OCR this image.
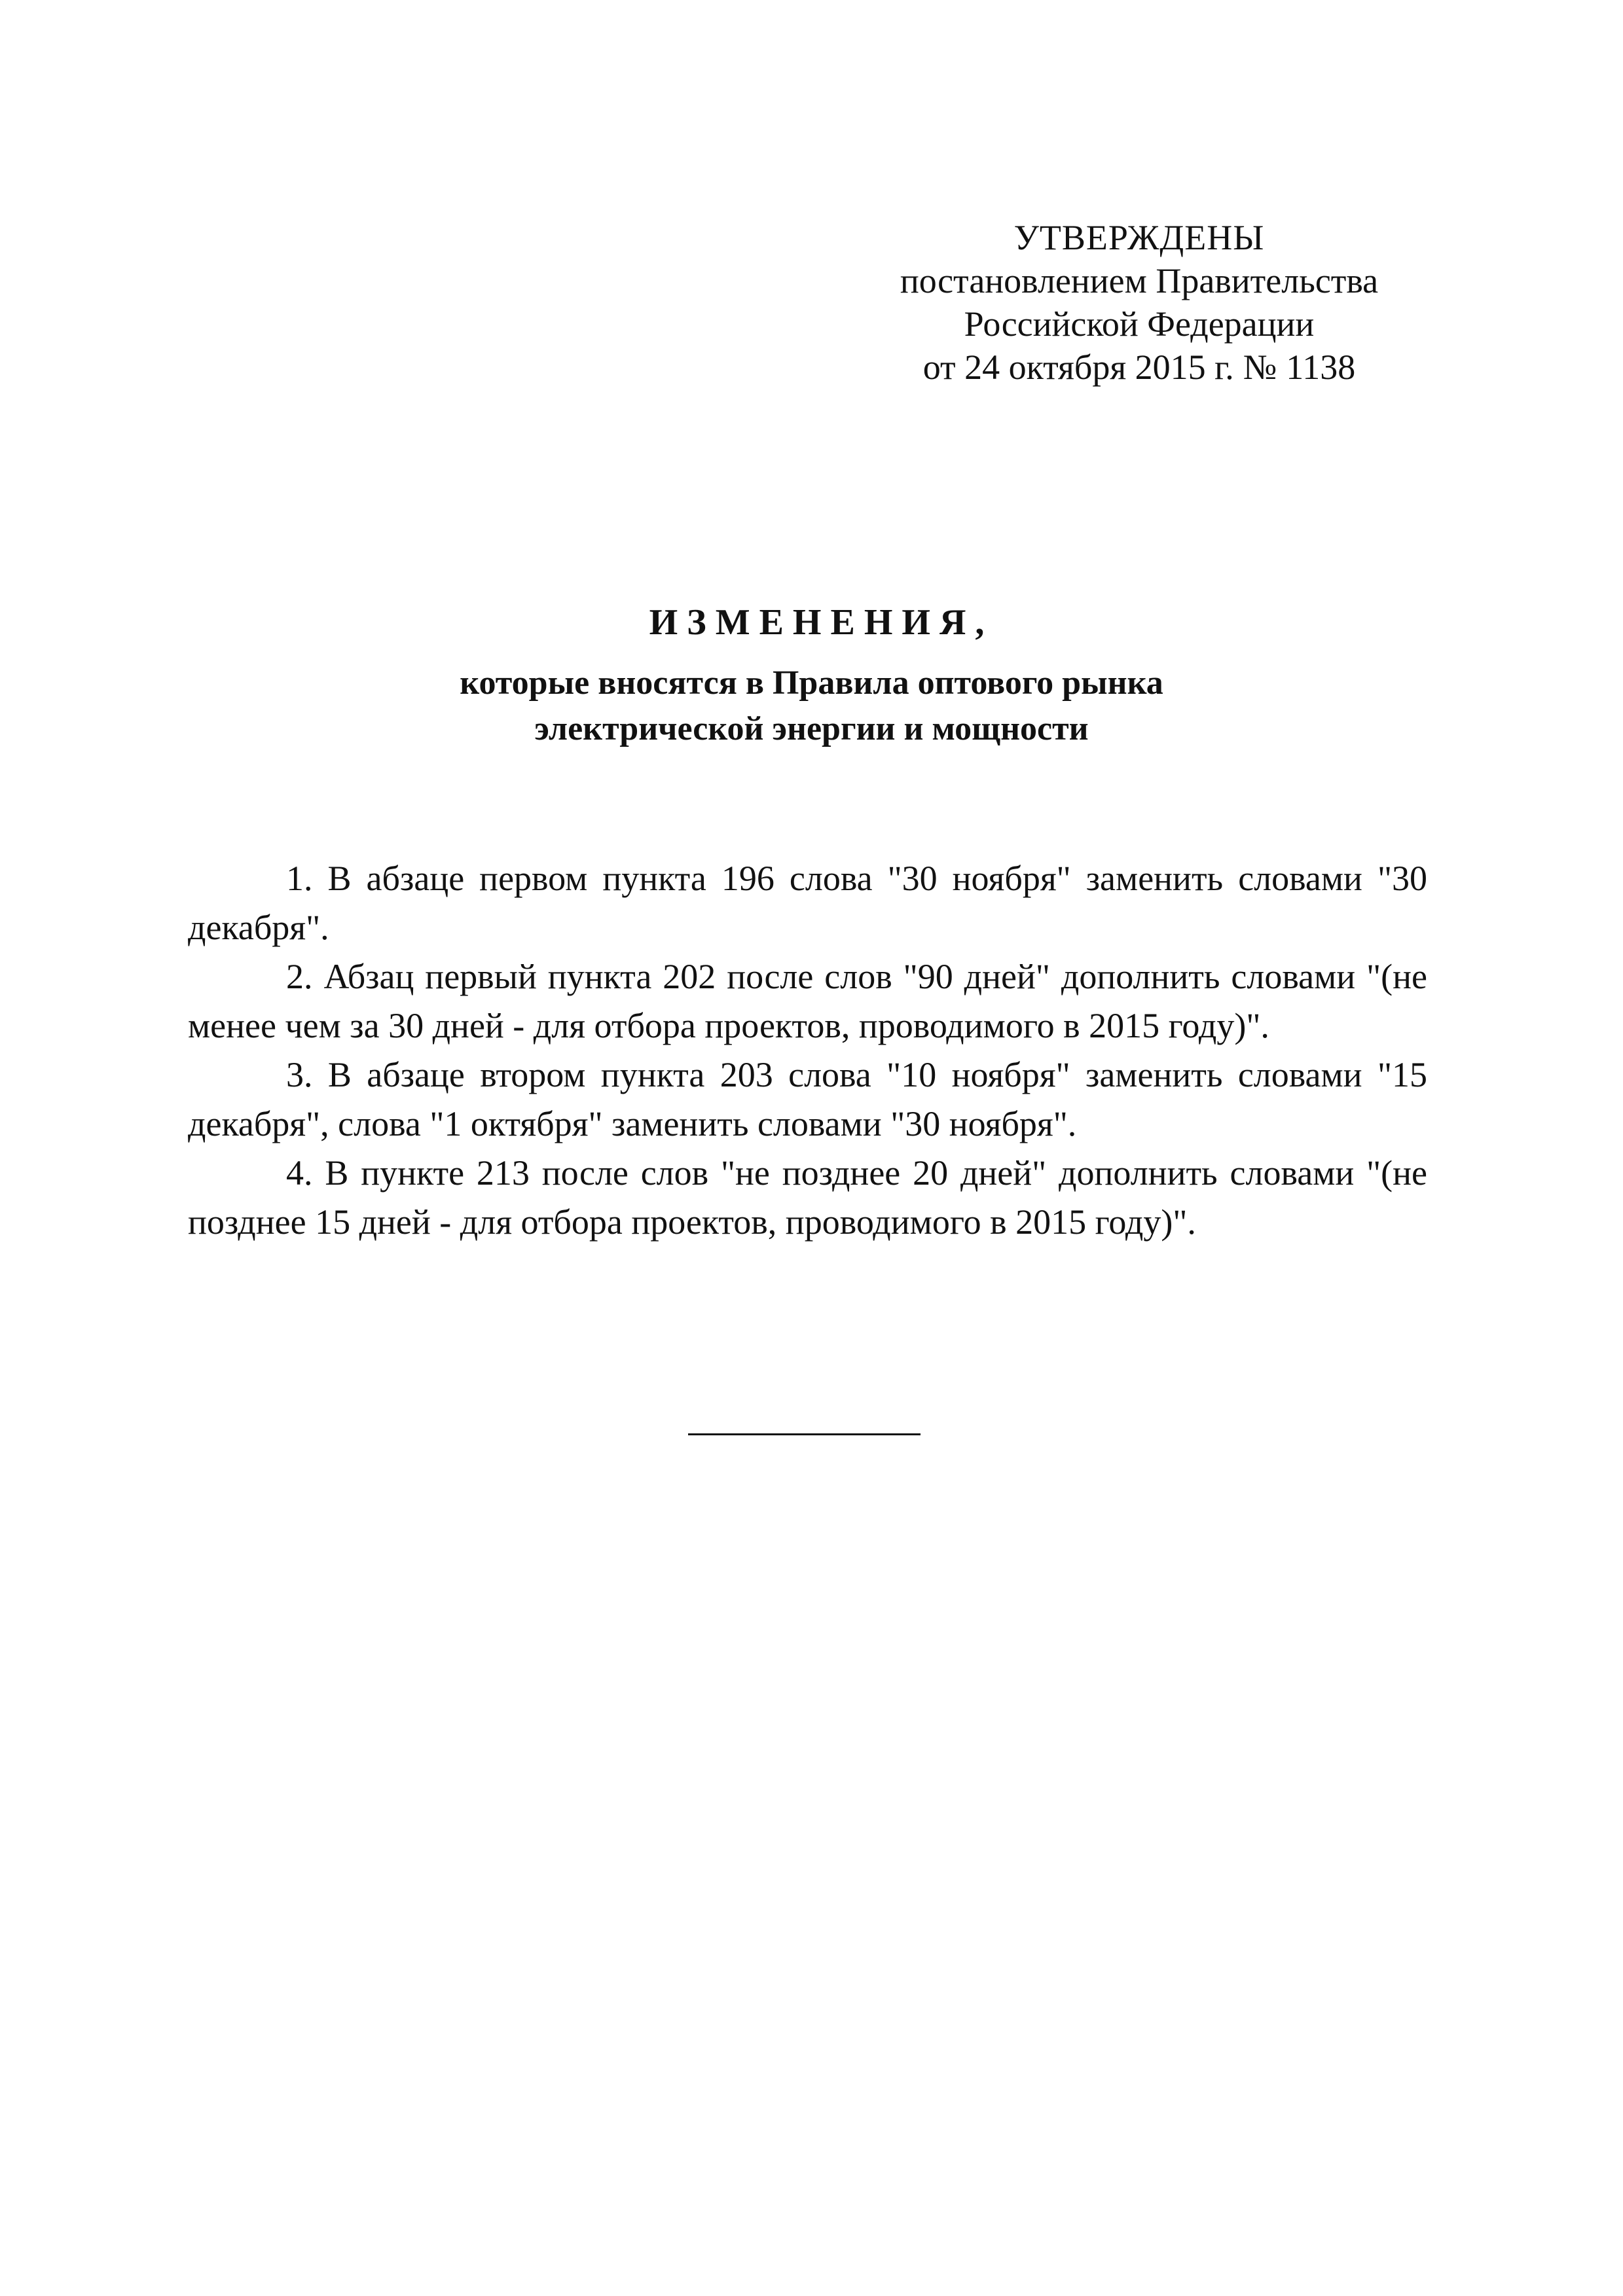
УТВЕРЖДЕНЫ
постановлением Правительства
Российской Федерации
от 24 октября 2015 г. № 1138
ИЗМЕНЕНИЯ,
которые вносятся в Правила оптового рынка
электрической энергии и мощности

1. В абзаце первом пункта 196 слова "30 ноября" заменить словами "30 декабря".

2. Абзац первый пункта 202 после слов "90 дней" дополнить словами "(не менее чем за 30 дней - для отбора проектов, проводимого в 2015 году)".

3. В абзаце втором пункта 203 слова "10 ноября" заменить словами "15 декабря", слова "1 октября" заменить словами "30 ноября".

4. В пункте 213 после слов "не позднее 20 дней" дополнить словами "(не позднее 15 дней - для отбора проектов, проводимого в 2015 году)".
